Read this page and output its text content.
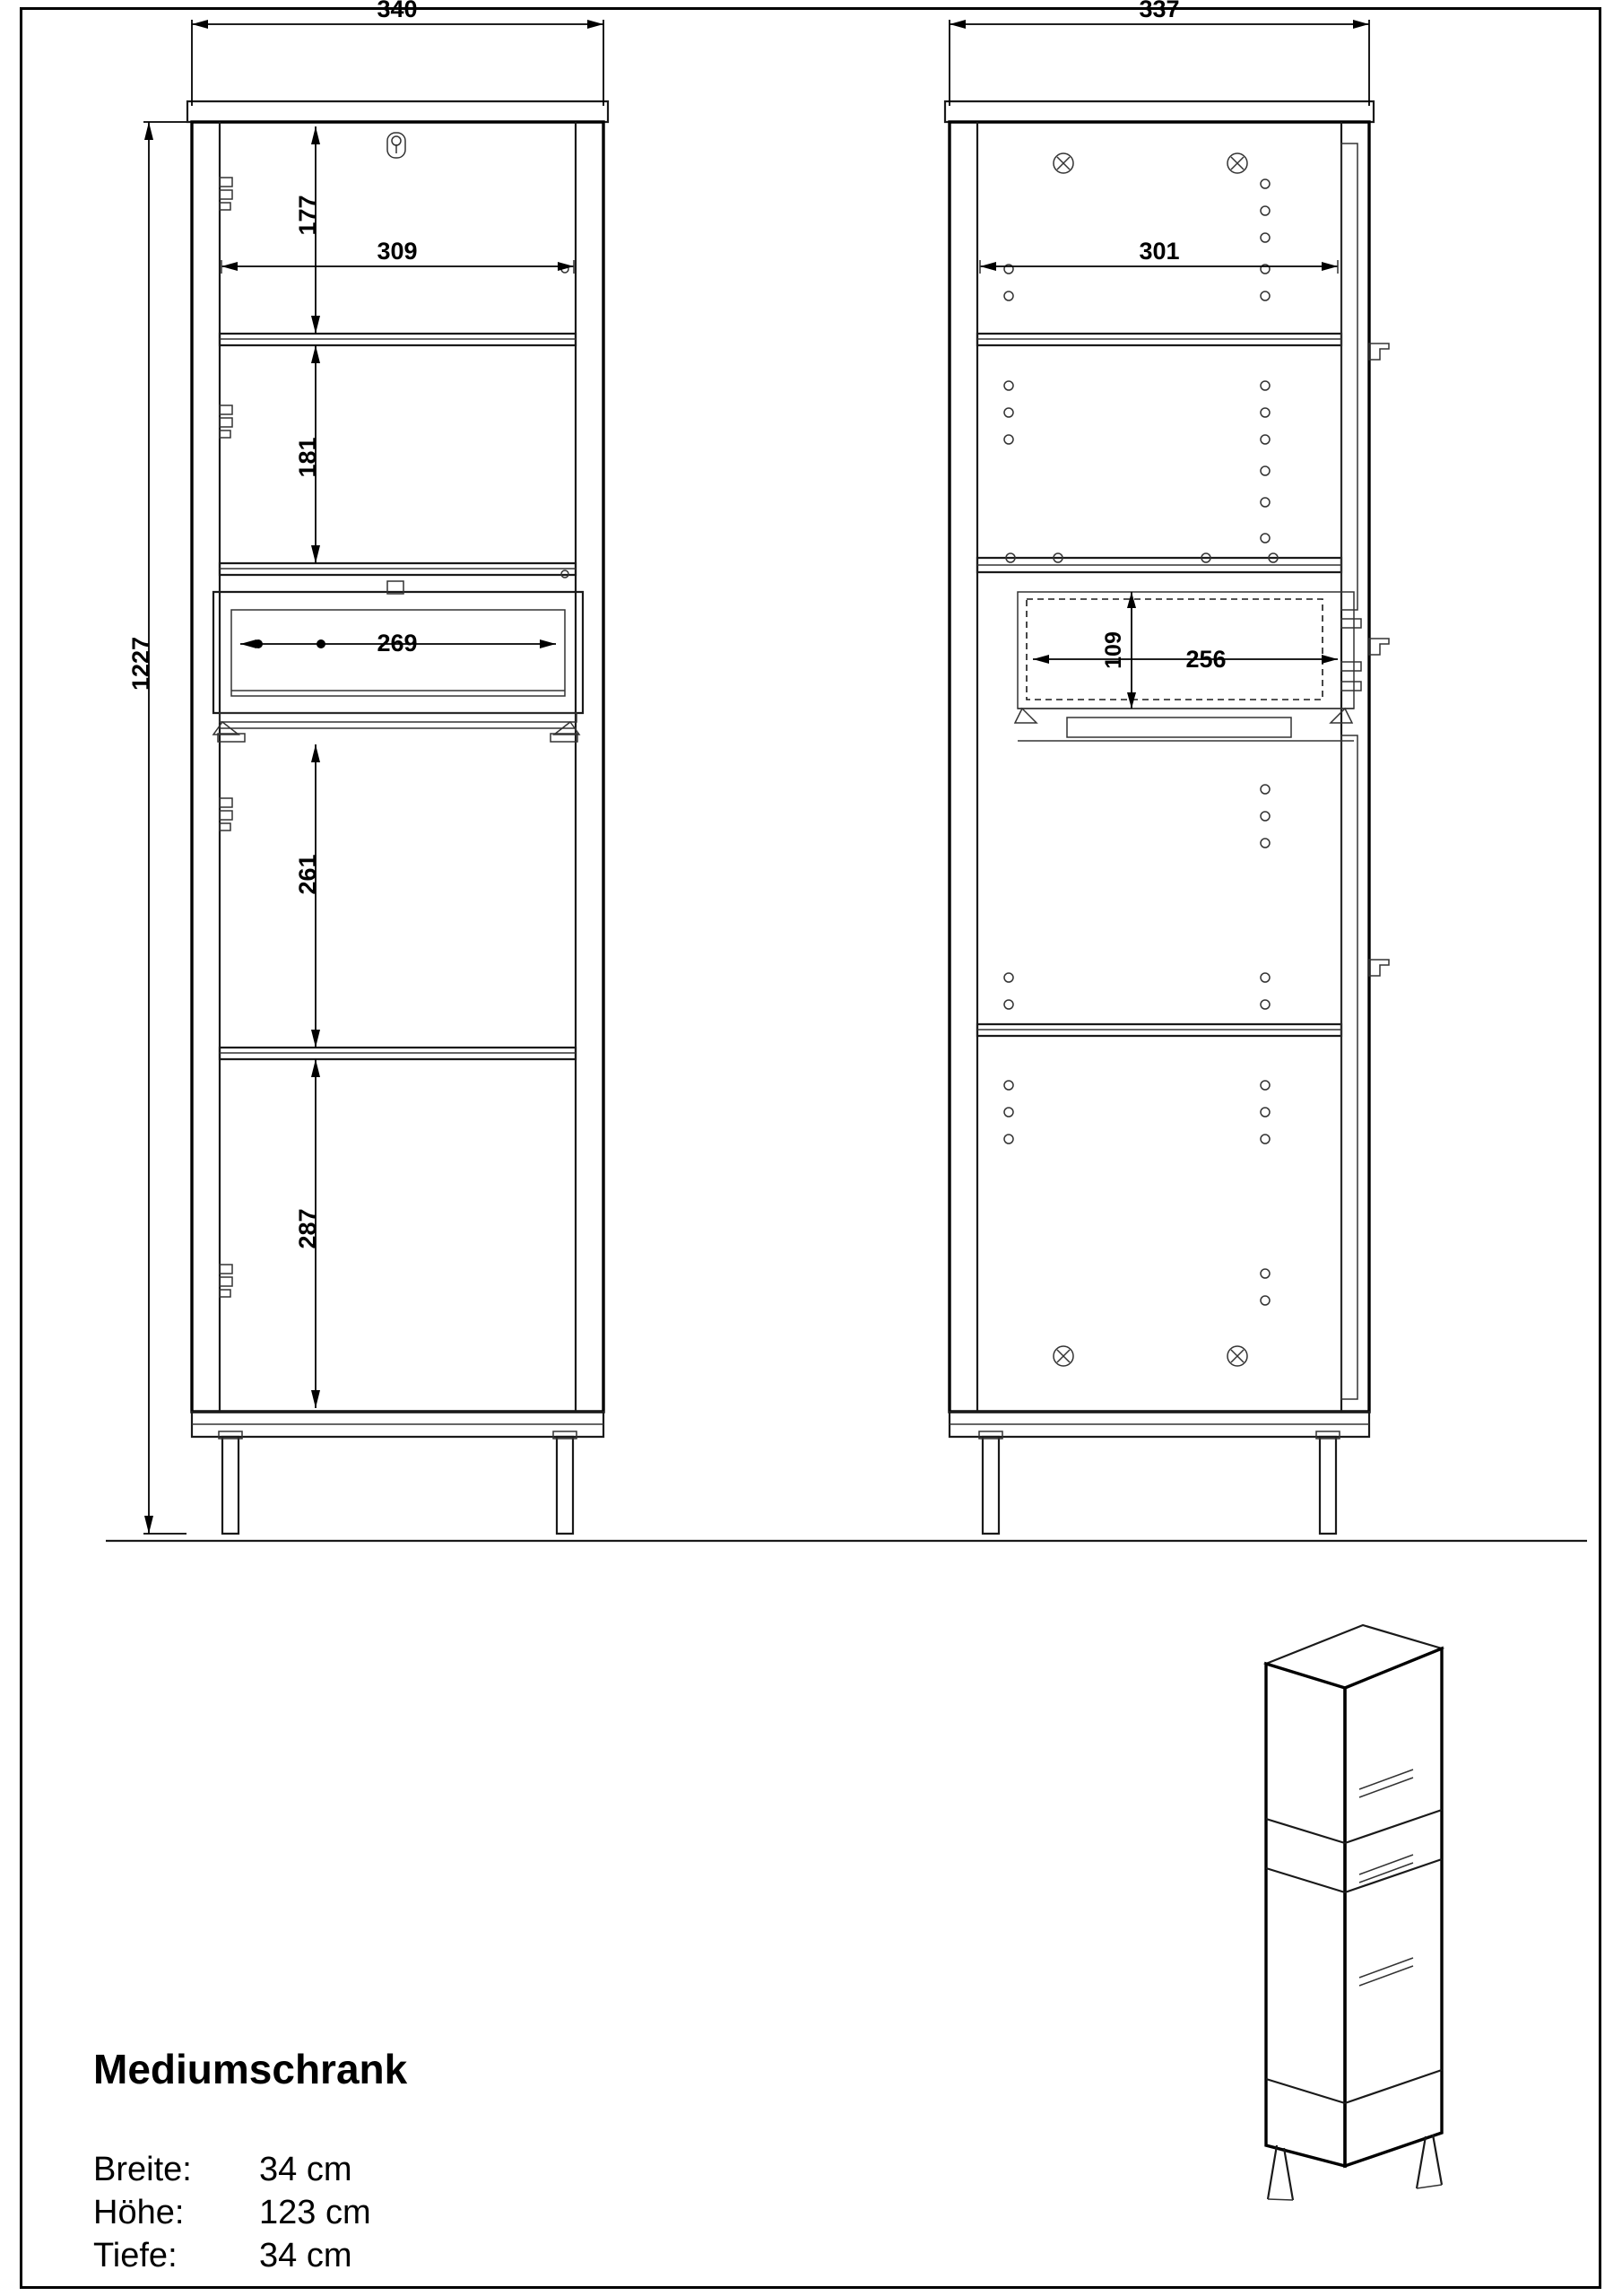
340	337
1227
177
181
261
287
309
269
301
256
109
Mediumschrank
Breite:	34 cm
Höhe:	123 cm
Tiefe:	34 cm
